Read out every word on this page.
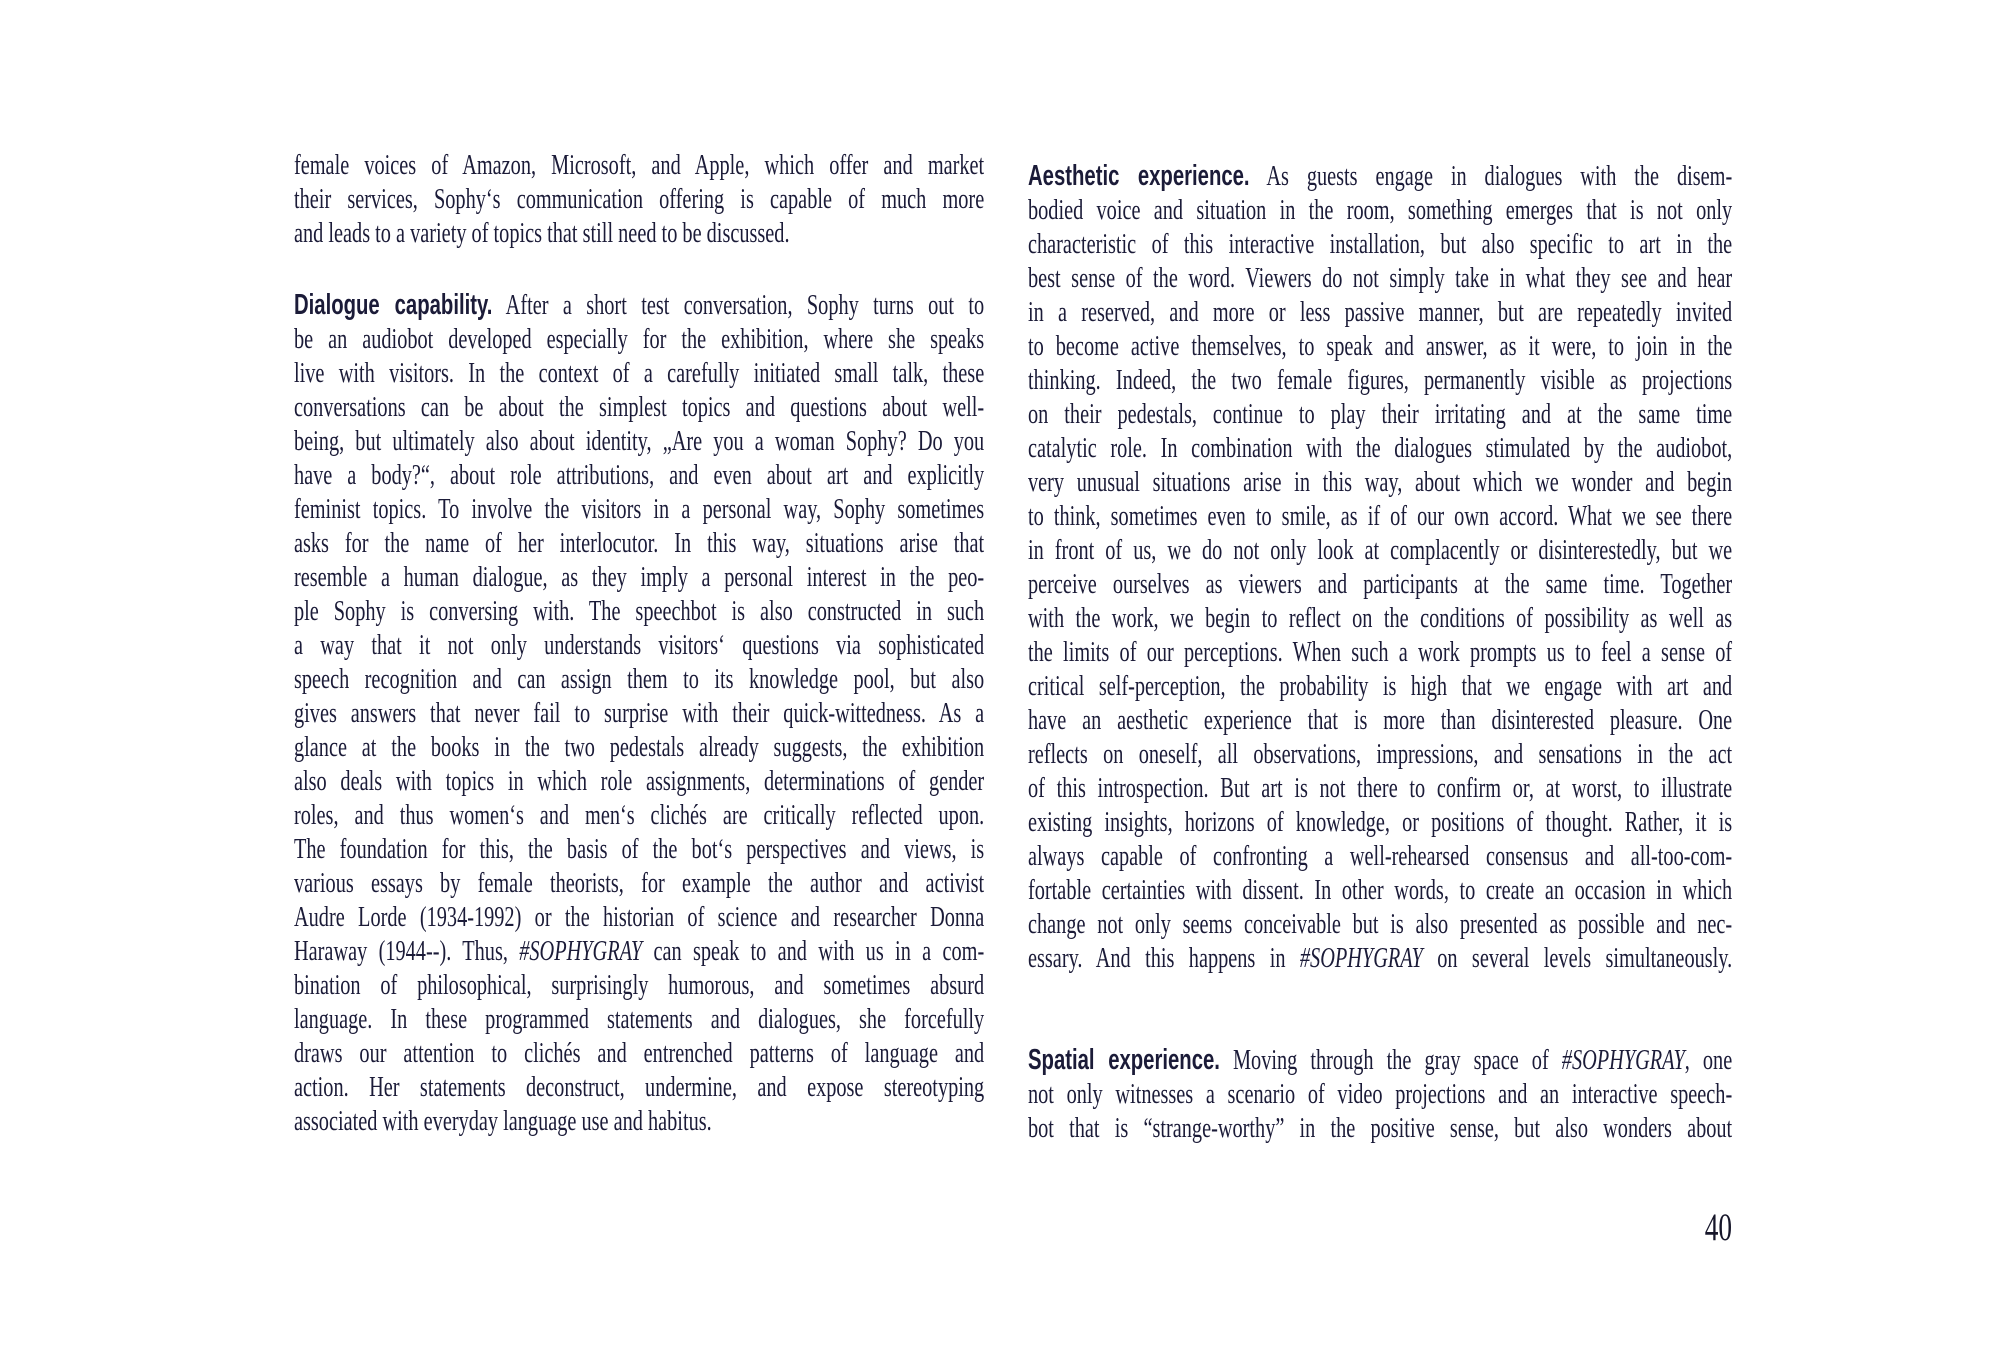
female voices of Amazon, Microsoft, and Apple, which offer and market
their services, Sophy‘s communication offering is capable of much more
and leads to a variety of topics that still need to be discussed.
Dialogue capability. After a short test conversation, Sophy turns out to
be an audiobot developed especially for the exhibition, where she speaks
live with visitors. In the context of a carefully initiated small talk, these
conversations can be about the simplest topics and questions about well-
being, but ultimately also about identity, „Are you a woman Sophy? Do you
have a body?“, about role attributions, and even about art and explicitly
feminist topics. To involve the visitors in a personal way, Sophy sometimes
asks for the name of her interlocutor. In this way, situations arise that
resemble a human dialogue, as they imply a personal interest in the peo-
ple Sophy is conversing with. The speechbot is also constructed in such
a way that it not only understands visitors‘ questions via sophisticated
speech recognition and can assign them to its knowledge pool, but also
gives answers that never fail to surprise with their quick-wittedness. As a
glance at the books in the two pedestals already suggests, the exhibition
also deals with topics in which role assignments, determinations of gender
roles, and thus women‘s and men‘s clichés are critically reflected upon.
The foundation for this, the basis of the bot‘s perspectives and views, is
various essays by female theorists, for example the author and activist
Audre Lorde (1934-1992) or the historian of science and researcher Donna
Haraway (1944--). Thus, #SOPHYGRAY can speak to and with us in a com-
bination of philosophical, surprisingly humorous, and sometimes absurd
language. In these programmed statements and dialogues, she forcefully
draws our attention to clichés and entrenched patterns of language and
action. Her statements deconstruct, undermine, and expose stereotyping
associated with everyday language use and habitus.
Aesthetic experience. As guests engage in dialogues with the disem-
bodied voice and situation in the room, something emerges that is not only
characteristic of this interactive installation, but also specific to art in the
best sense of the word. Viewers do not simply take in what they see and hear
in a reserved, and more or less passive manner, but are repeatedly invited
to become active themselves, to speak and answer, as it were, to join in the
thinking. Indeed, the two female figures, permanently visible as projections
on their pedestals, continue to play their irritating and at the same time
catalytic role. In combination with the dialogues stimulated by the audiobot,
very unusual situations arise in this way, about which we wonder and begin
to think, sometimes even to smile, as if of our own accord. What we see there
in front of us, we do not only look at complacently or disinterestedly, but we
perceive ourselves as viewers and participants at the same time. Together
with the work, we begin to reflect on the conditions of possibility as well as
the limits of our perceptions. When such a work prompts us to feel a sense of
critical self-perception, the probability is high that we engage with art and
have an aesthetic experience that is more than disinterested pleasure. One
reflects on oneself, all observations, impressions, and sensations in the act
of this introspection. But art is not there to confirm or, at worst, to illustrate
existing insights, horizons of knowledge, or positions of thought. Rather, it is
always capable of confronting a well-rehearsed consensus and all-too-com-
fortable certainties with dissent. In other words, to create an occasion in which
change not only seems conceivable but is also presented as possible and nec-
essary. And this happens in #SOPHYGRAY on several levels simultaneously.
Spatial experience. Moving through the gray space of #SOPHYGRAY, one
not only witnesses a scenario of video projections and an interactive speech-
bot that is “strange-worthy” in the positive sense, but also wonders about
40
